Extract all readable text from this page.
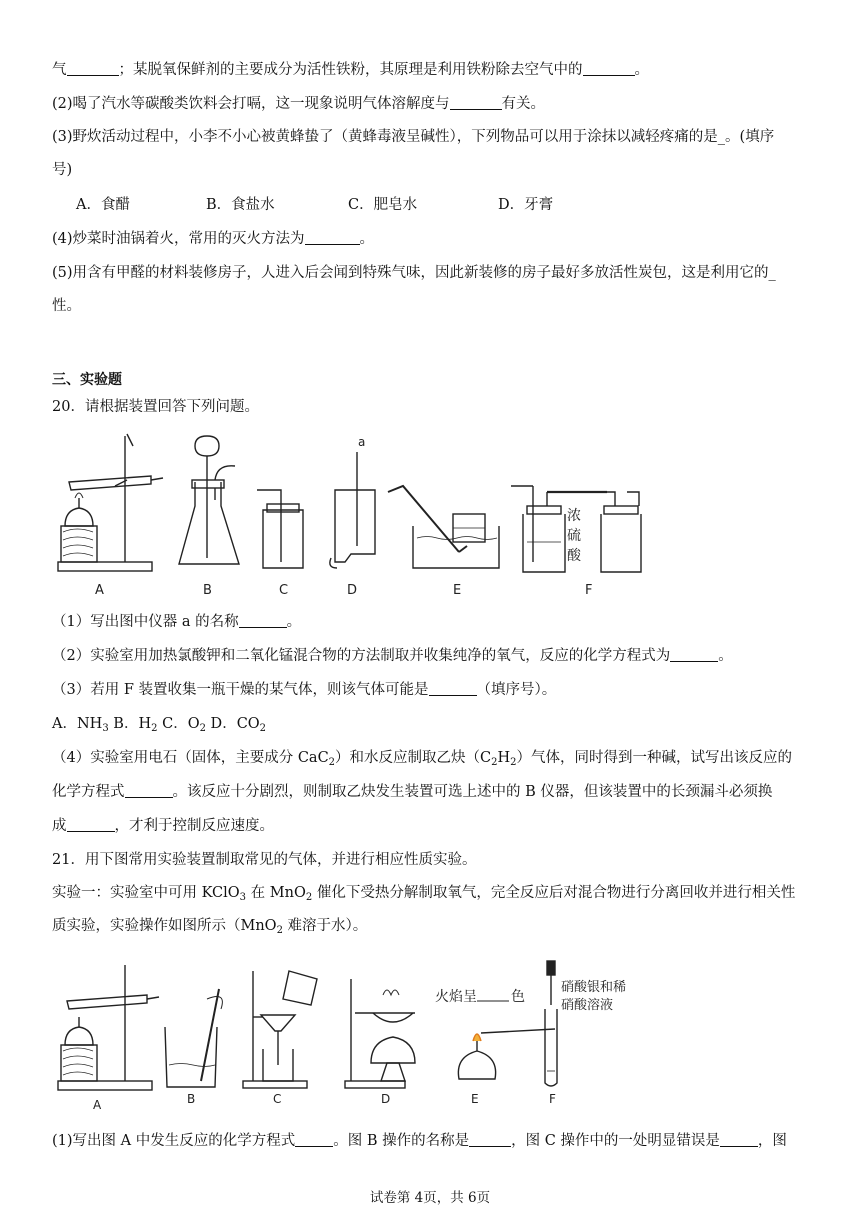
气	；某脱氧保鲜剂的主要成分为活性铁粉，其原理是利用铁粉除去空气中的	。
(2)喝了汽水等碳酸类饮料会打嗝，这一现象说明气体溶解度与	有关。
(3)野炊活动过程中，小李不小心被黄蜂蛰了（黄蜂毒液呈碱性），下列物品可以用于涂抹以减轻疼痛的是_。(填序
号)
A．食醋	B．食盐水	C．肥皂水	D．牙膏
(4)炒菜时油锅着火，常用的灭火方法为	。
(5)用含有甲醛的材料装修房子，人进入后会闻到特殊气味，因此新装修的房子最好多放活性炭包，这是利用它的_
性。
三、实验题
20．请根据装置回答下列问题。
A	B	C	D	E	F
a
浓
硫
酸
（1）写出图中仪器 a 的名称	。
（2）实验室用加热氯酸钾和二氧化锰混合物的方法制取并收集纯净的氧气，反应的化学方程式为	。
（3）若用 F 装置收集一瓶干燥的某气体，则该气体可能是	（填序号）。
A．$NH_3$ B．$H_2$ C．$O_2$ D．$CO_2$
（4）实验室用电石（固体，主要成分 CaC$_2$）和水反应制取乙炔$(C_2H_2)$气体，同时得到一种碱，试写出该反应的
化学方程式	。该反应十分剧烈，则制取乙炔发生装置可选上述中的 B 仪器，但该装置中的长颈漏斗必须换
成	，才利于控制反应速度。
21．用下图常用实验装置制取常见的气体，并进行相应性质实验。
实验一：实验室中可用 KClO$_3$ 在 MnO$_2$ 催化下受热分解制取氧气，完全反应后对混合物进行分离回收并进行相关性
质实验，实验操作如图所示（MnO$_2$ 难溶于水）。
A	B	C	D	E	F
火焰呈 色
硝酸银和稀
硝酸溶液
(1)写出图 A 中发生反应的化学方程式	。图 B 操作的名称是	，图 C 操作中的一处明显错误是	，图
试卷第 4页，共 6页
